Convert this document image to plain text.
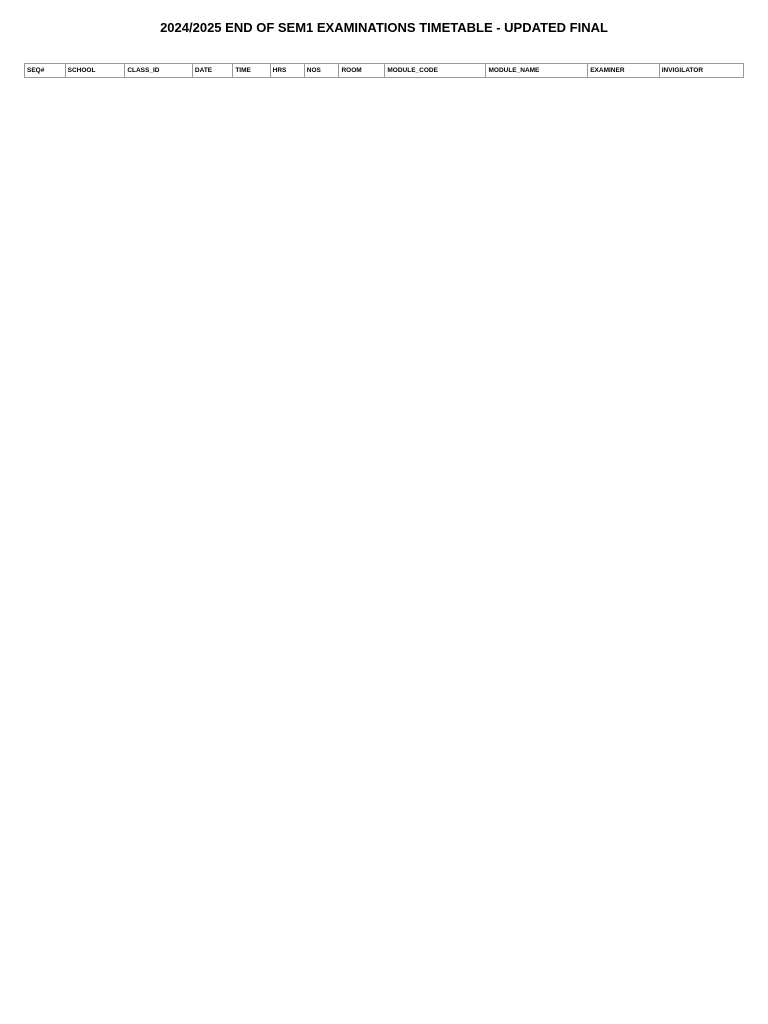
2024/2025 END OF SEM1 EXAMINATIONS TIMETABLE - UPDATED FINAL
SEQ#	SCHOOL	CLASS_ID	DATE	TIME	HRS	NOS	ROOM	MODULE_CODE	MODULE_NAME	EXAMINER	INVIGILATOR
